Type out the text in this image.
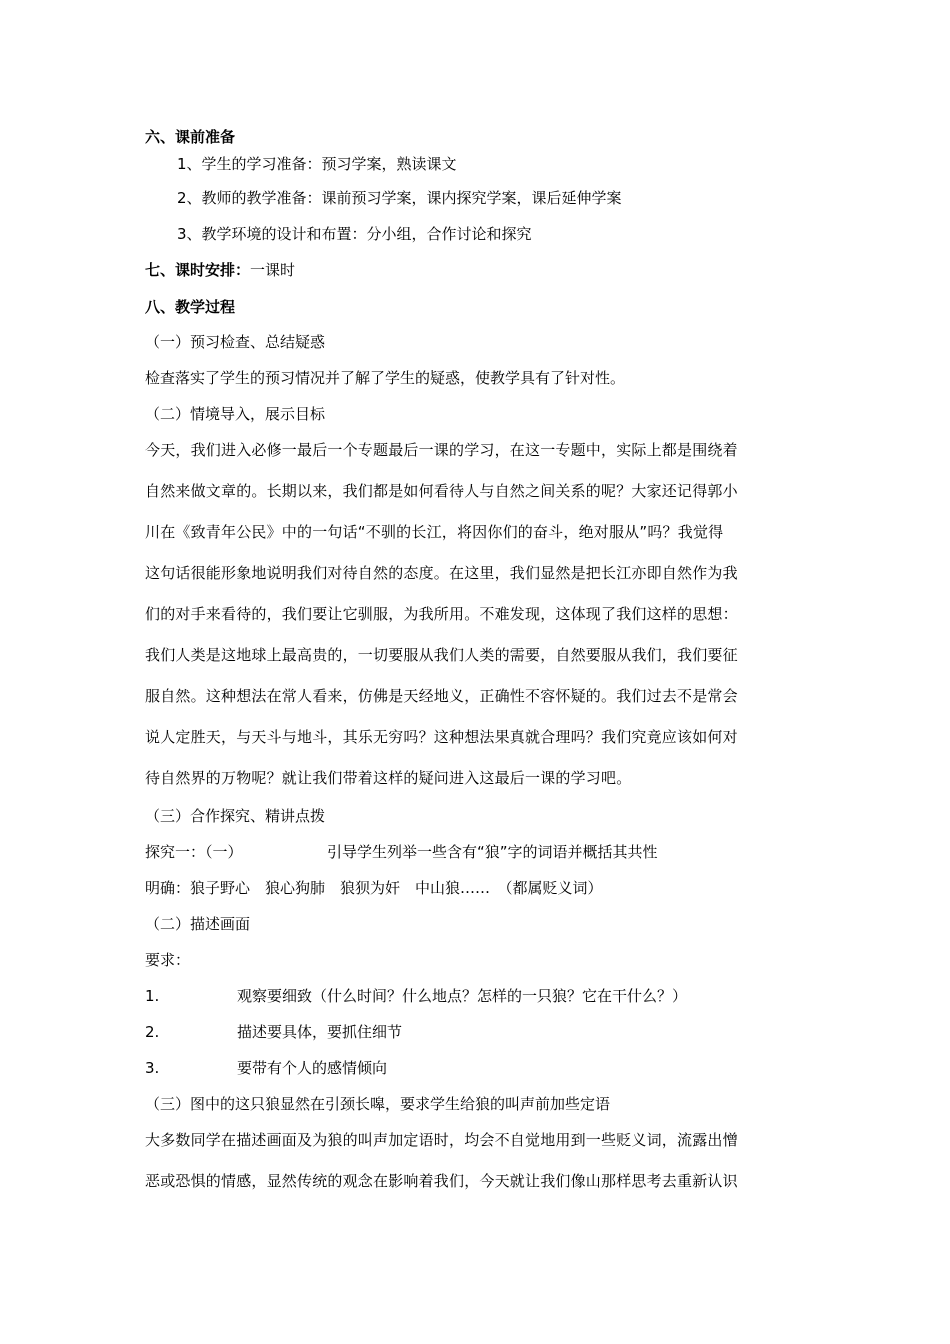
六、课前准备
1、学生的学习准备：预习学案，熟读课文
2、教师的教学准备：课前预习学案，课内探究学案，课后延伸学案
3、教学环境的设计和布置：分小组，合作讨论和探究
七、课时安排：一课时
八、教学过程
（一）预习检查、总结疑惑
检查落实了学生的预习情况并了解了学生的疑惑，使教学具有了针对性。
（二）情境导入，展示目标
今天，我们进入必修一最后一个专题最后一课的学习，在这一专题中，实际上都是围绕着
自然来做文章的。长期以来，我们都是如何看待人与自然之间关系的呢？大家还记得郭小
川在《致青年公民》中的一句话“不驯的长江，将因你们的奋斗，绝对服从”吗？我觉得
这句话很能形象地说明我们对待自然的态度。在这里，我们显然是把长江亦即自然作为我
们的对手来看待的，我们要让它驯服，为我所用。不难发现，这体现了我们这样的思想：
我们人类是这地球上最高贵的，一切要服从我们人类的需要，自然要服从我们，我们要征
服自然。这种想法在常人看来，仿佛是天经地义，正确性不容怀疑的。我们过去不是常会
说人定胜天，与天斗与地斗，其乐无穷吗？这种想法果真就合理吗？我们究竟应该如何对
待自然界的万物呢？就让我们带着这样的疑问进入这最后一课的学习吧。
（三）合作探究、精讲点拨
探究一：（一）	引导学生列举一些含有“狼”字的词语并概括其共性
明确：狼子野心　狼心狗肺　狼狈为奸　中山狼……　（都属贬义词）
（二）描述画面
要求：
1.	观察要细致（什么时间？什么地点？怎样的一只狼？它在干什么？）
2.	描述要具体，要抓住细节
3.	要带有个人的感情倾向
（三）图中的这只狼显然在引颈长嗥，要求学生给狼的叫声前加些定语
大多数同学在描述画面及为狼的叫声加定语时，均会不自觉地用到一些贬义词，流露出憎
恶或恐惧的情感，显然传统的观念在影响着我们，今天就让我们像山那样思考去重新认识
